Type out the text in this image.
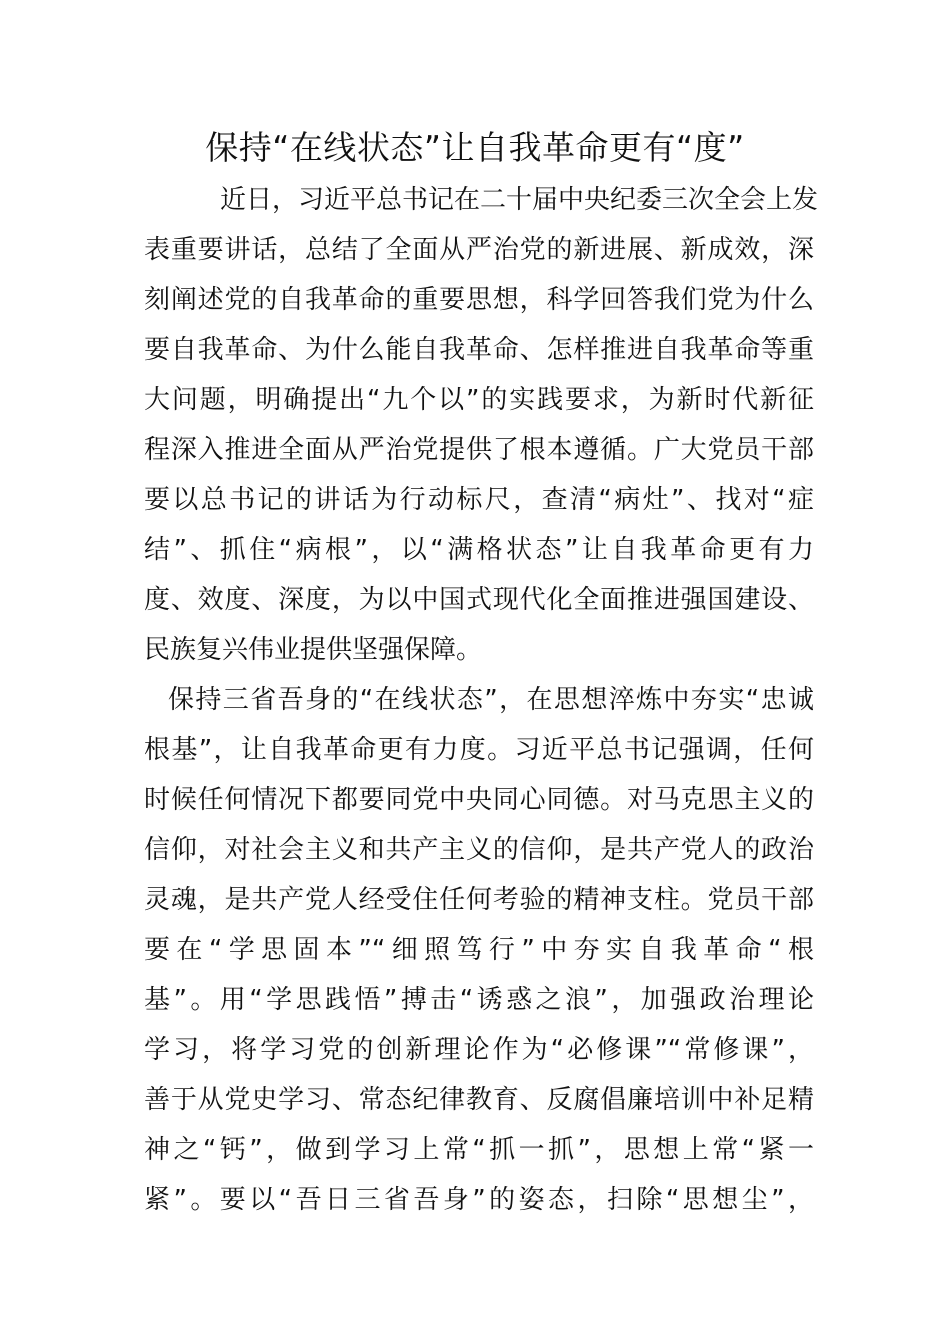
保持“在线状态”让自我革命更有“度”
近日，习近平总书记在二十届中央纪委三次全会上发
表重要讲话，总结了全面从严治党的新进展、新成效，深
刻阐述党的自我革命的重要思想，科学回答我们党为什么
要自我革命、为什么能自我革命、怎样推进自我革命等重
大问题，明确提出“九个以”的实践要求，为新时代新征
程深入推进全面从严治党提供了根本遵循。广大党员干部
要以总书记的讲话为行动标尺，查清“病灶”、找对“症
结”、抓住“病根”，以“满格状态”让自我革命更有力
度、效度、深度，为以中国式现代化全面推进强国建设、
民族复兴伟业提供坚强保障。
保持三省吾身的“在线状态”，在思想淬炼中夯实“忠诚
根基”，让自我革命更有力度。习近平总书记强调，任何
时候任何情况下都要同党中央同心同德。对马克思主义的
信仰，对社会主义和共产主义的信仰，是共产党人的政治
灵魂，是共产党人经受住任何考验的精神支柱。党员干部
要在“学思固本”“细照笃行”中夯实自我革命“根
基”。用“学思践悟”搏击“诱惑之浪”，加强政治理论
学习，将学习党的创新理论作为“必修课”“常修课”，
善于从党史学习、常态纪律教育、反腐倡廉培训中补足精
神之“钙”，做到学习上常“抓一抓”，思想上常“紧一
紧”。要以“吾日三省吾身”的姿态，扫除“思想尘”，
